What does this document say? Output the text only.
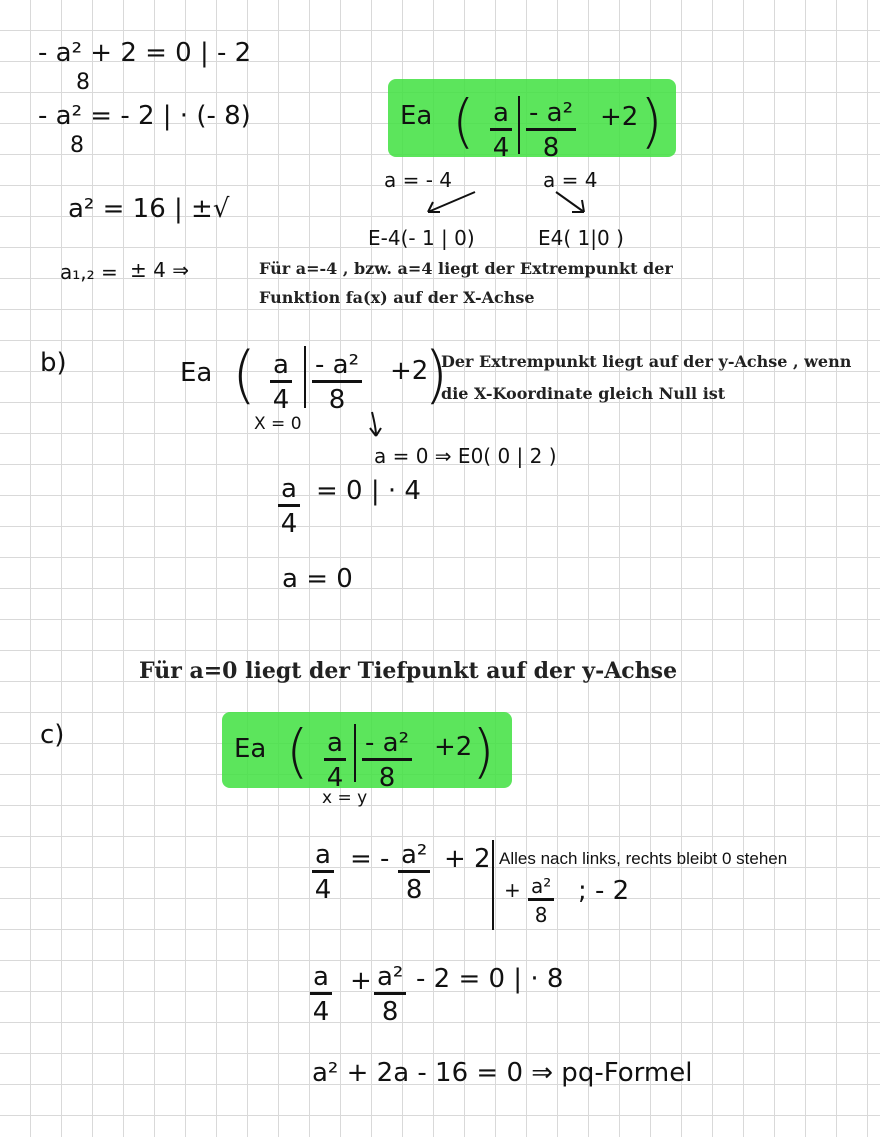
- a² + 2 = 0 | - 2
8
- a² = - 2 | · (- 8)
8
a² = 16 | ±√
a₁,₂ = ± 4 ⇒
Ea ( $\frac{a}{4} \frac{\text{- a²}}{8} +2$ )
a = - 4	a = 4
E-4(- 1 | 0)	E4( 1|0 )
Für a=-4 , bzw. a=4 liegt der Extrempunkt der
Funktion fa(x) auf der X-Achse
b)	Ea ( $\frac{a}{4} \frac{\text{- a²}}{8} +2$
)
X = 0
Der Extrempunkt liegt auf der y-Achse , wenn
die X-Koordinate gleich Null ist
a = 0 ⇒ E0( 0 | 2 )
$\frac{a}{4} = 0$ | · 4
a = 0
Für a=0 liegt der Tiefpunkt auf der y-Achse
c)	Ea ( $\frac{a}{4} \frac{\text{- a²}}{8} +2$ )
x = y
$\frac{a}{4}$ = - $\frac{\text{a²}}{8} + 2$ Alles nach links, rechts bleibt 0 stehen
+ $\frac{\text{a²}}{8}$ ; - 2
$\frac{a}{4} + \frac{\text{a²}}{8} - 2 = 0$ | · 8
a² + 2a - 16 = 0 ⇒ pq-Formel
